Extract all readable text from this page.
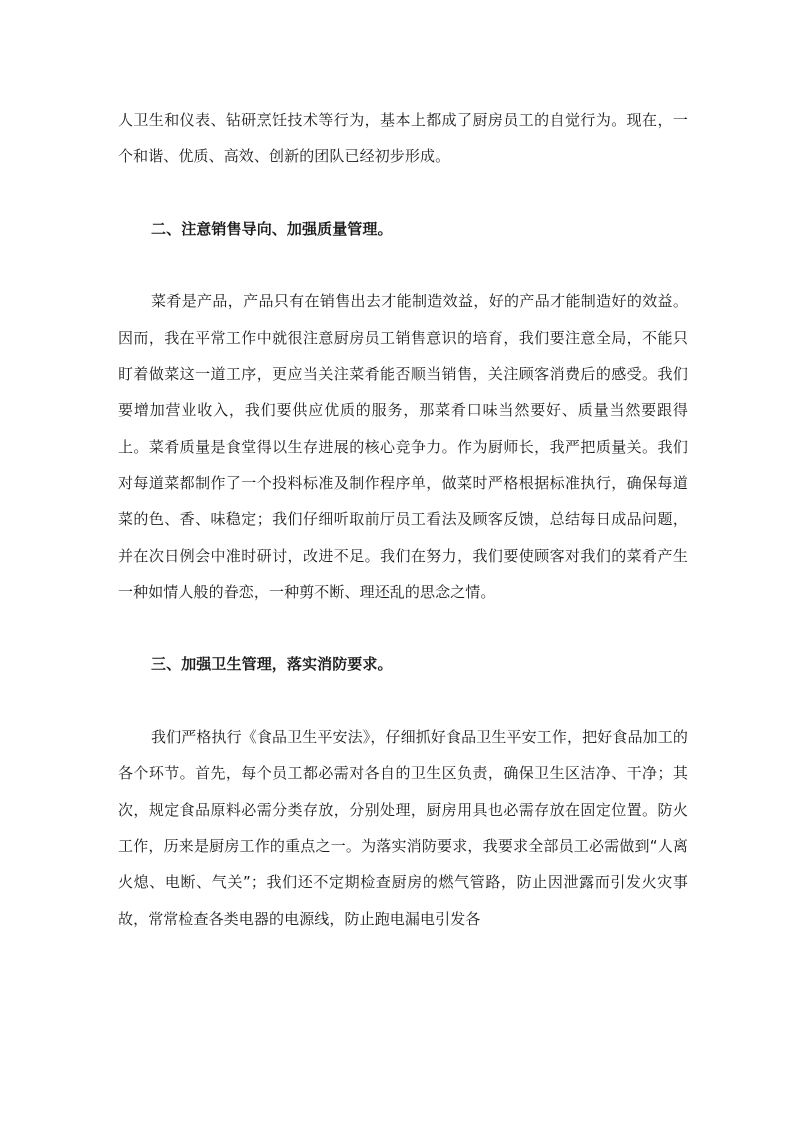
人卫生和仪表、钻研烹饪技术等行为，基本上都成了厨房员工的自觉行为。现在，一个和谐、优质、高效、创新的团队已经初步形成。

二、注意销售导向、加强质量管理。

菜肴是产品，产品只有在销售出去才能制造效益，好的产品才能制造好的效益。因而，我在平常工作中就很注意厨房员工销售意识的培育，我们要注意全局，不能只盯着做菜这一道工序，更应当关注菜肴能否顺当销售，关注顾客消费后的感受。我们要增加营业收入，我们要供应优质的服务，那菜肴口味当然要好、质量当然要跟得上。菜肴质量是食堂得以生存进展的核心竞争力。作为厨师长，我严把质量关。我们对每道菜都制作了一个投料标准及制作程序单，做菜时严格根据标准执行，确保每道菜的色、香、味稳定；我们仔细听取前厅员工看法及顾客反馈，总结每日成品问题，并在次日例会中准时研讨，改进不足。我们在努力，我们要使顾客对我们的菜肴产生一种如情人般的眷恋，一种剪不断、理还乱的思念之情。

三、加强卫生管理，落实消防要求。

我们严格执行《食品卫生平安法》，仔细抓好食品卫生平安工作，把好食品加工的各个环节。首先，每个员工都必需对各自的卫生区负责，确保卫生区洁净、干净；其次，规定食品原料必需分类存放，分别处理，厨房用具也必需存放在固定位置。防火工作，历来是厨房工作的重点之一。为落实消防要求，我要求全部员工必需做到“人离火熄、电断、气关”；我们还不定期检查厨房的燃气管路，防止因泄露而引发火灾事故，常常检查各类电器的电源线，防止跑电漏电引发各
